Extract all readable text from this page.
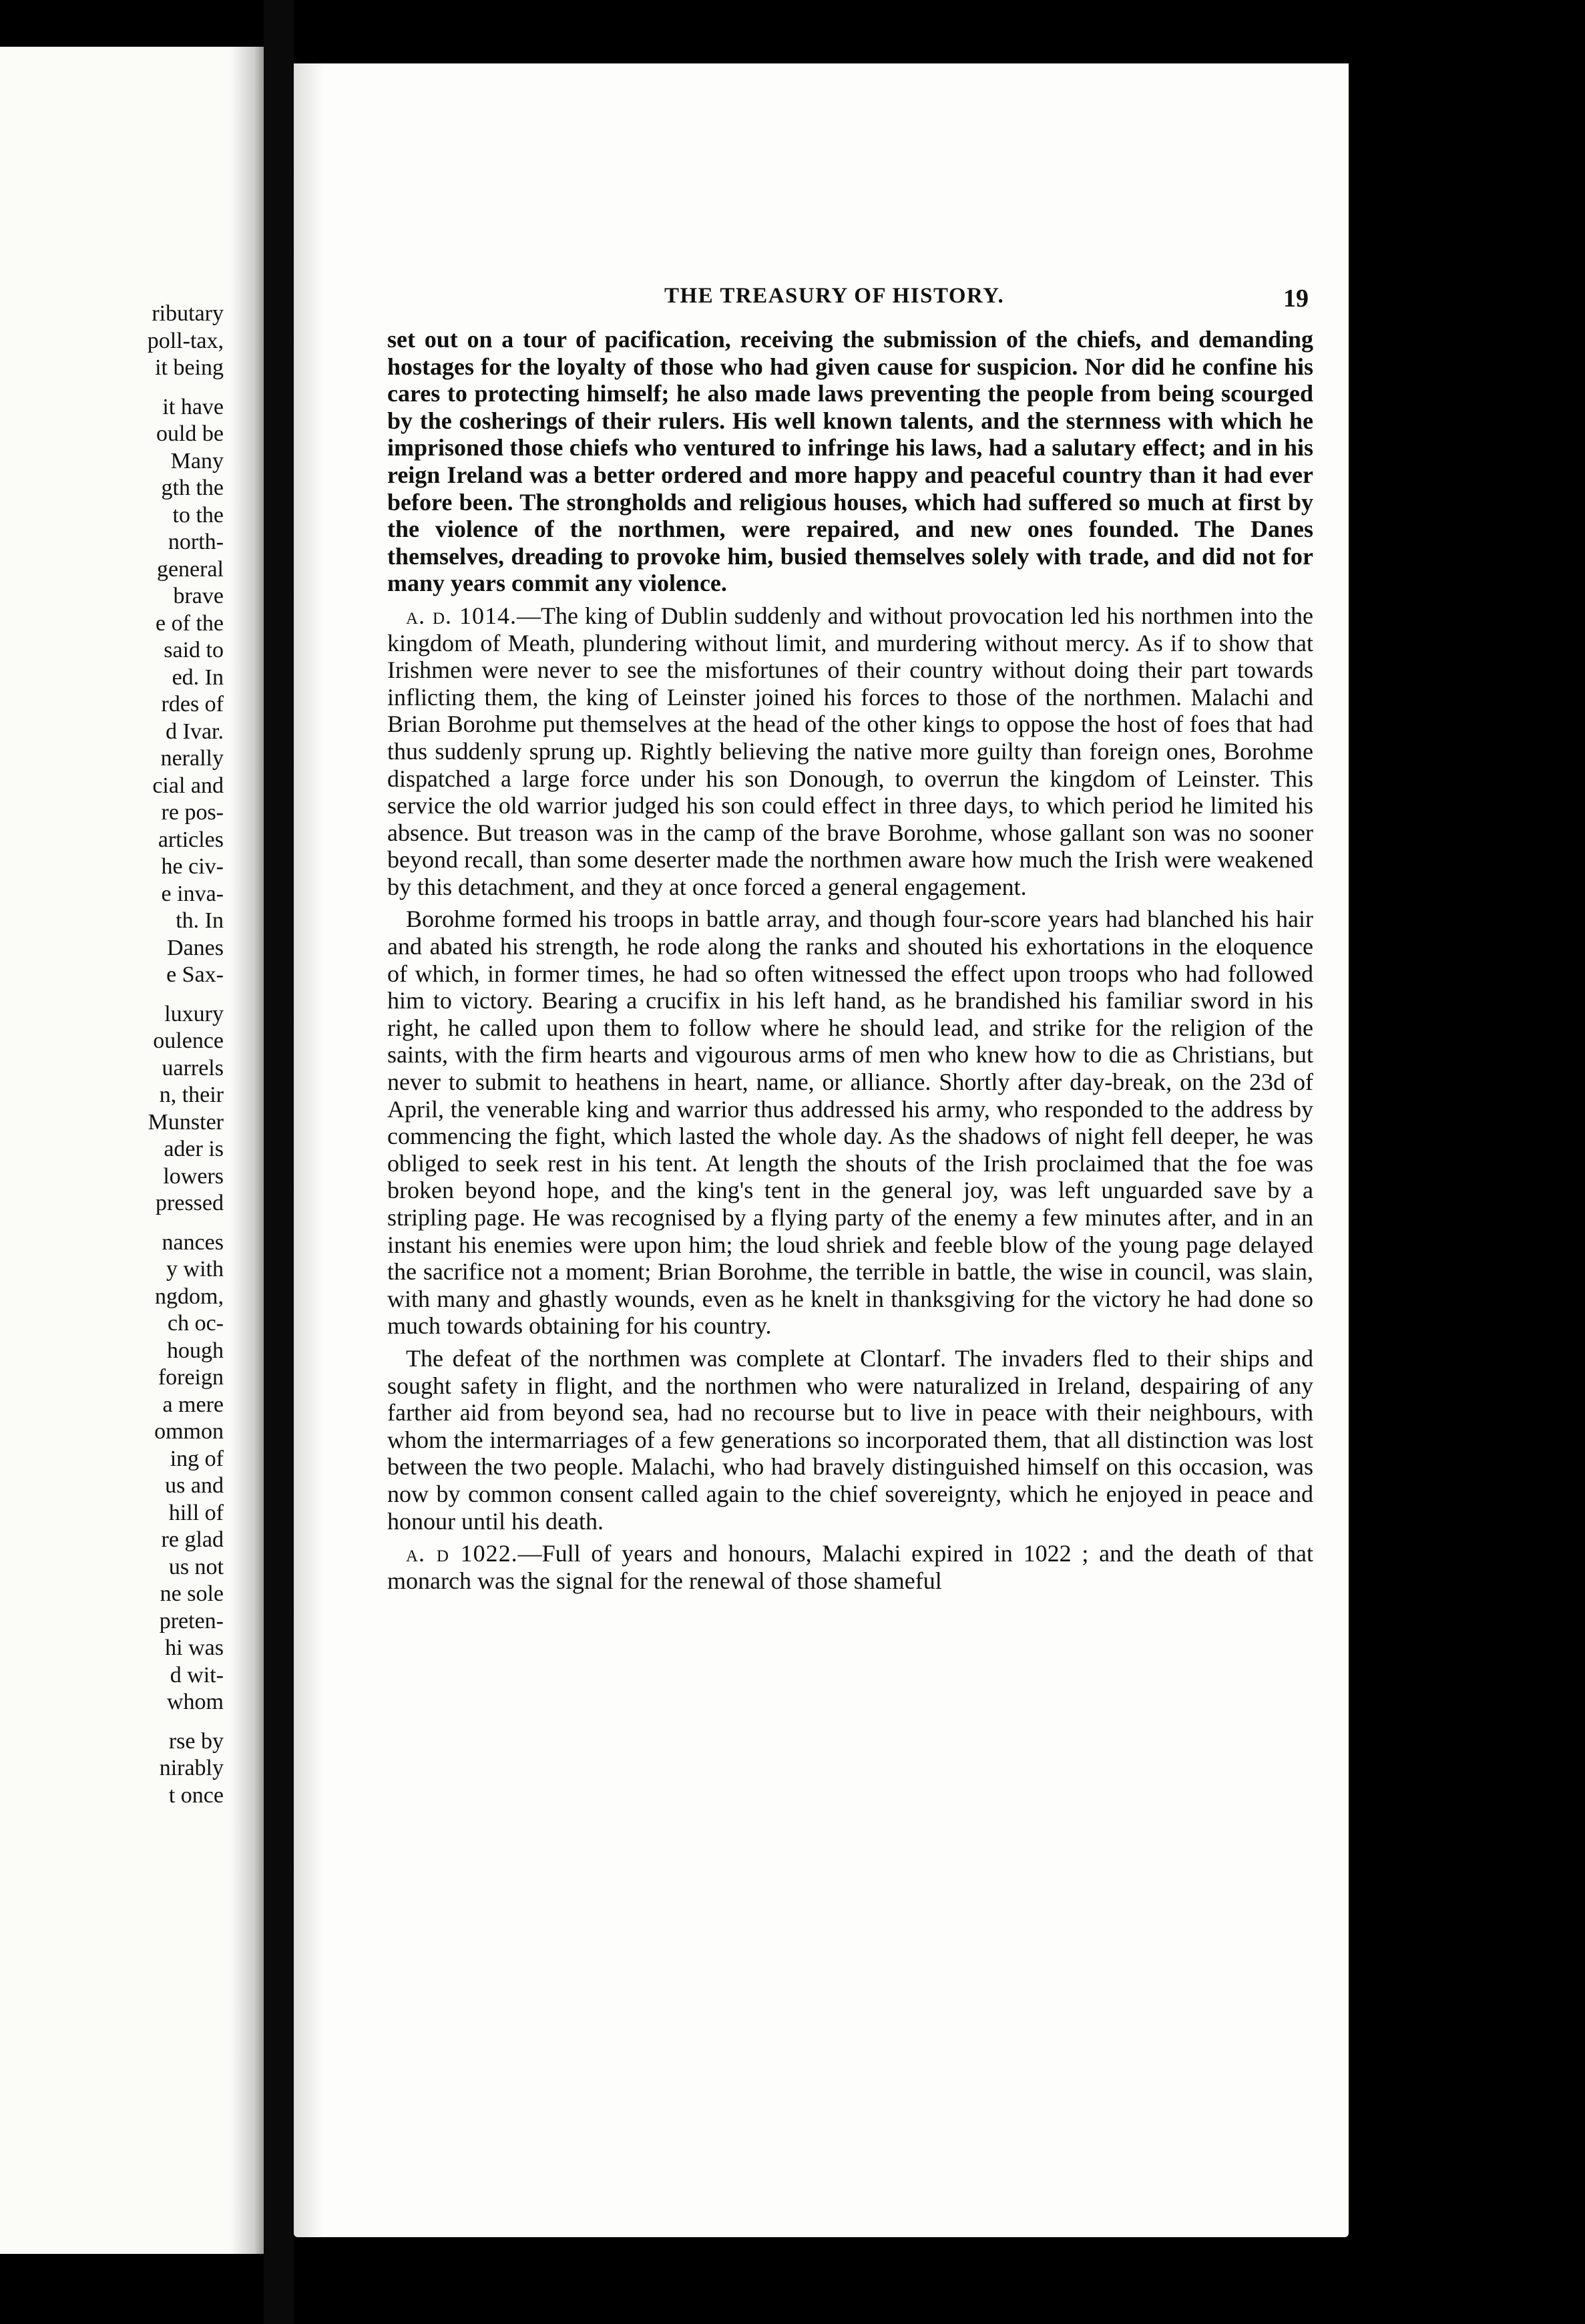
ributary
poll-tax,
it being
it have
ould be
Many
gth the
to the
north-
general
brave
e of the
said to
ed. In
rdes of
d Ivar.
nerally
cial and
re pos-
articles
he civ-
e inva-
th. In
Danes
e Sax-
luxury
oulence
uarrels
n, their
Munster
ader is
lowers
pressed
nances
y with
ngdom,
ch oc-
hough
foreign
a mere
ommon
ing of
us and
hill of
re glad
us not
ne sole
preten-
hi was
d wit-
whom
rse by
nirably
t once
THE TREASURY OF HISTORY.	19

set out on a tour of pacification, receiving the submission of the chiefs, and demanding hostages for the loyalty of those who had given cause for suspicion. Nor did he confine his cares to protecting himself; he also made laws preventing the people from being scourged by the cosherings of their rulers. His well known talents, and the sternness with which he imprisoned those chiefs who ventured to infringe his laws, had a salutary effect; and in his reign Ireland was a better ordered and more happy and peaceful country than it had ever before been. The strongholds and religious houses, which had suffered so much at first by the violence of the northmen, were repaired, and new ones founded. The Danes themselves, dreading to provoke him, busied themselves solely with trade, and did not for many years commit any violence.

a. d. 1014.—The king of Dublin suddenly and without provocation led his northmen into the kingdom of Meath, plundering without limit, and murdering without mercy. As if to show that Irishmen were never to see the misfortunes of their country without doing their part towards inflicting them, the king of Leinster joined his forces to those of the northmen. Malachi and Brian Borohme put themselves at the head of the other kings to oppose the host of foes that had thus suddenly sprung up. Rightly believing the native more guilty than foreign ones, Borohme dispatched a large force under his son Donough, to overrun the kingdom of Leinster. This service the old warrior judged his son could effect in three days, to which period he limited his absence. But treason was in the camp of the brave Borohme, whose gallant son was no sooner beyond recall, than some deserter made the northmen aware how much the Irish were weakened by this detachment, and they at once forced a general engagement.

Borohme formed his troops in battle array, and though four-score years had blanched his hair and abated his strength, he rode along the ranks and shouted his exhortations in the eloquence of which, in former times, he had so often witnessed the effect upon troops who had followed him to victory. Bearing a crucifix in his left hand, as he brandished his familiar sword in his right, he called upon them to follow where he should lead, and strike for the religion of the saints, with the firm hearts and vigourous arms of men who knew how to die as Christians, but never to submit to heathens in heart, name, or alliance. Shortly after day-break, on the 23d of April, the venerable king and warrior thus addressed his army, who responded to the address by commencing the fight, which lasted the whole day. As the shadows of night fell deeper, he was obliged to seek rest in his tent. At length the shouts of the Irish proclaimed that the foe was broken beyond hope, and the king's tent in the general joy, was left unguarded save by a stripling page. He was recognised by a flying party of the enemy a few minutes after, and in an instant his enemies were upon him; the loud shriek and feeble blow of the young page delayed the sacrifice not a moment; Brian Borohme, the terrible in battle, the wise in council, was slain, with many and ghastly wounds, even as he knelt in thanksgiving for the victory he had done so much towards obtaining for his country.

The defeat of the northmen was complete at Clontarf. The invaders fled to their ships and sought safety in flight, and the northmen who were naturalized in Ireland, despairing of any farther aid from beyond sea, had no recourse but to live in peace with their neighbours, with whom the intermarriages of a few generations so incorporated them, that all distinction was lost between the two people. Malachi, who had bravely distinguished himself on this occasion, was now by common consent called again to the chief sovereignty, which he enjoyed in peace and honour until his death.

a. d 1022.—Full of years and honours, Malachi expired in 1022 ; and the death of that monarch was the signal for the renewal of those shameful
